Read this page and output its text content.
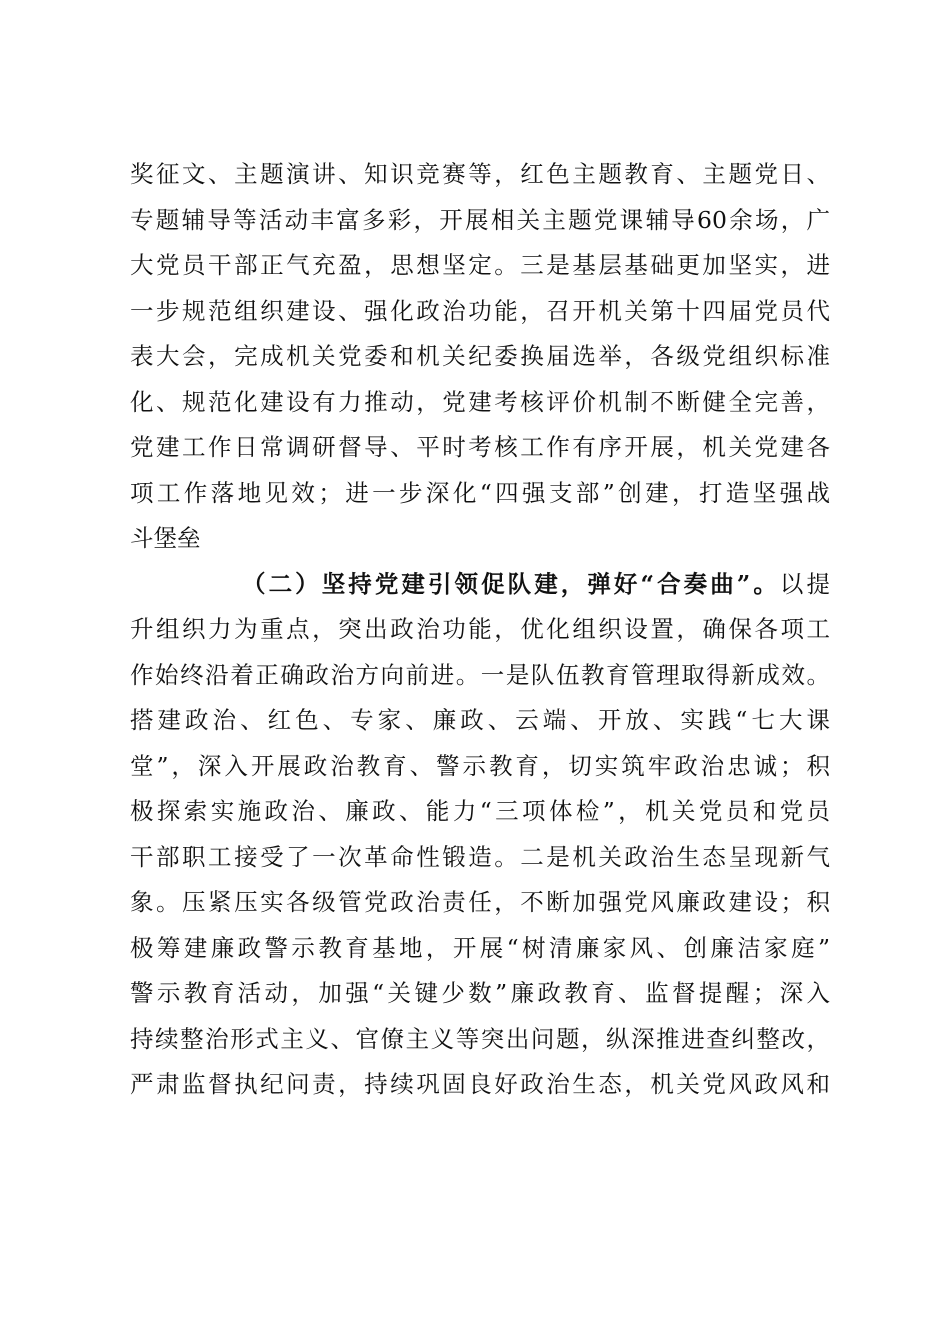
奖征文、主题演讲、知识竞赛等，红色主题教育、主题党日、
专题辅导等活动丰富多彩，开展相关主题党课辅导60余场，广
大党员干部正气充盈，思想坚定。三是基层基础更加坚实，进
一步规范组织建设、强化政治功能，召开机关第十四届党员代
表大会，完成机关党委和机关纪委换届选举，各级党组织标准
化、规范化建设有力推动，党建考核评价机制不断健全完善，
党建工作日常调研督导、平时考核工作有序开展，机关党建各
项工作落地见效；进一步深化“四强支部”创建，打造坚强战
斗堡垒
（二）坚持党建引领促队建，弹好“合奏曲”。以提
升组织力为重点，突出政治功能，优化组织设置，确保各项工
作始终沿着正确政治方向前进。一是队伍教育管理取得新成效。
搭建政治、红色、专家、廉政、云端、开放、实践“七大课
堂”，深入开展政治教育、警示教育，切实筑牢政治忠诚；积
极探索实施政治、廉政、能力“三项体检”，机关党员和党员
干部职工接受了一次革命性锻造。二是机关政治生态呈现新气
象。压紧压实各级管党政治责任，不断加强党风廉政建设；积
极筹建廉政警示教育基地，开展“树清廉家风、创廉洁家庭”
警示教育活动，加强“关键少数”廉政教育、监督提醒；深入
持续整治形式主义、官僚主义等突出问题，纵深推进查纠整改，
严肃监督执纪问责，持续巩固良好政治生态，机关党风政风和
